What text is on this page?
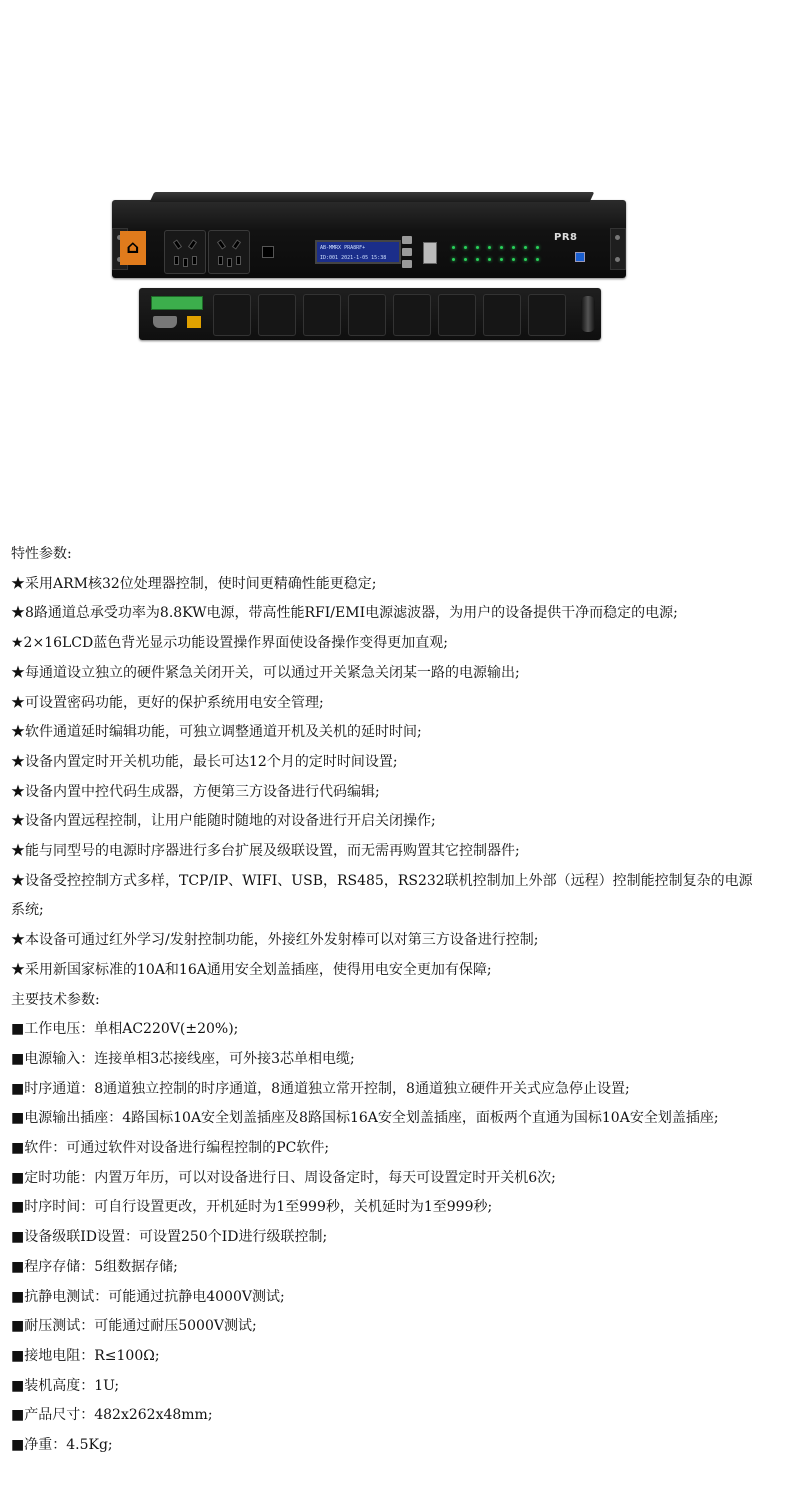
⌂	AB-MMRX PRA8RF+
ID:001 2021-1-05 15:38
PR8

特性参数:

★采用ARM核32位处理器控制，使时间更精确性能更稳定;

★8路通道总承受功率为8.8KW电源，带高性能RFI/EMI电源滤波器，为用户的设备提供干净而稳定的电源;

★2×16LCD蓝色背光显示功能设置操作界面使设备操作变得更加直观;

★每通道设立独立的硬件紧急关闭开关，可以通过开关紧急关闭某一路的电源输出;

★可设置密码功能，更好的保护系统用电安全管理;

★软件通道延时编辑功能，可独立调整通道开机及关机的延时时间;

★设备内置定时开关机功能，最长可达12个月的定时时间设置;

★设备内置中控代码生成器，方便第三方设备进行代码编辑;

★设备内置远程控制，让用户能随时随地的对设备进行开启关闭操作;

★能与同型号的电源时序器进行多台扩展及级联设置，而无需再购置其它控制器件;

★设备受控控制方式多样，TCP/IP、WIFI、USB，RS485，RS232联机控制加上外部（远程）控制能控制复杂的电源

系统;

★本设备可通过红外学习/发射控制功能，外接红外发射棒可以对第三方设备进行控制;

★采用新国家标准的10A和16A通用安全划盖插座，使得用电安全更加有保障;

主要技术参数:

■工作电压：单相AC220V(±20%);

■电源输入：连接单相3芯接线座，可外接3芯单相电缆;

■时序通道：8通道独立控制的时序通道，8通道独立常开控制，8通道独立硬件开关式应急停止设置;

■电源输出插座：4路国标10A安全划盖插座及8路国标16A安全划盖插座，面板两个直通为国标10A安全划盖插座;

■软件：可通过软件对设备进行编程控制的PC软件;

■定时功能：内置万年历，可以对设备进行日、周设备定时，每天可设置定时开关机6次;

■时序时间：可自行设置更改，开机延时为1至999秒，关机延时为1至999秒;

■设备级联ID设置：可设置250个ID进行级联控制;

■程序存储：5组数据存储;

■抗静电测试：可能通过抗静电4000V测试;

■耐压测试：可能通过耐压5000V测试;

■接地电阻：R≤100Ω;

■装机高度：1U;

■产品尺寸：482x262x48mm;

■净重：4.5Kg;
